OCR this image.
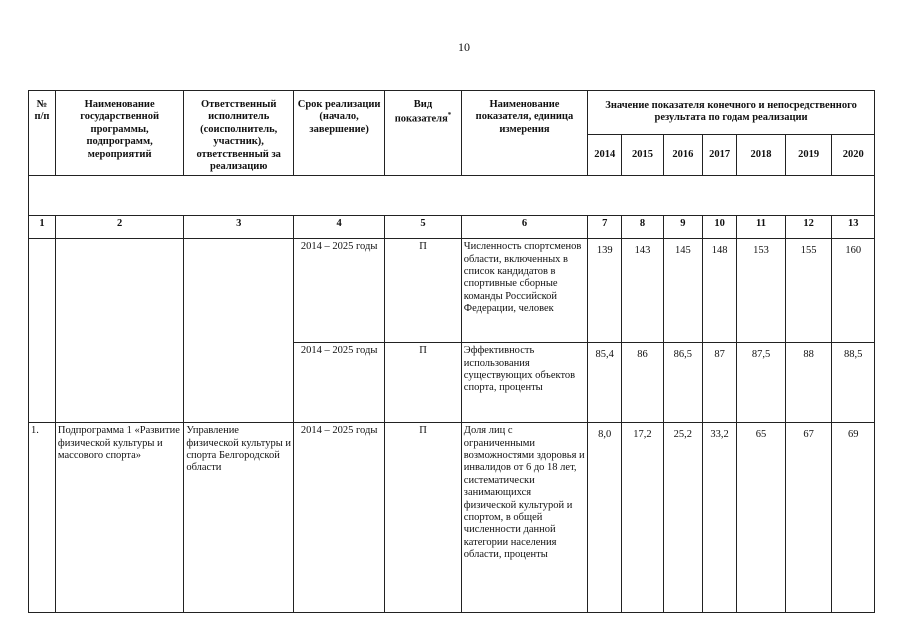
10
№ п/п	Наименование государственной программы, подпрограмм, мероприятий	Ответственный исполнитель (соисполнитель, участник), ответственный за реализацию	Срок реализации (начало, завершение)	Вид показателя*	Наименование показателя, единица измерения	Значение показателя конечного и непосредственного результата по годам реализации						
						2014	2015	2016	2017	2018	2019	2020

1	2	3	4	5	6	7	8	9	10	11	12	13
			2014 – 2025 годы	П	Численность спортсменов области, включенных в список кандидатов в спортивные сборные команды Российской Федерации, человек	139	143	145	148	153	155	160
			2014 – 2025 годы	П	Эффективность использования существующих объектов спорта, проценты	85,4	86	86,5	87	87,5	88	88,5
1.	Подпрограмма 1 «Развитие физической культуры и массового спорта»	Управление физической культуры и спорта Белгородской области	2014 – 2025 годы	П	Доля лиц с ограниченными возможностями здоровья и инвалидов от 6 до 18 лет, систематически занимающихся физической культурой и спортом, в общей численности данной категории населения области, проценты	8,0	17,2	25,2	33,2	65	67	69
